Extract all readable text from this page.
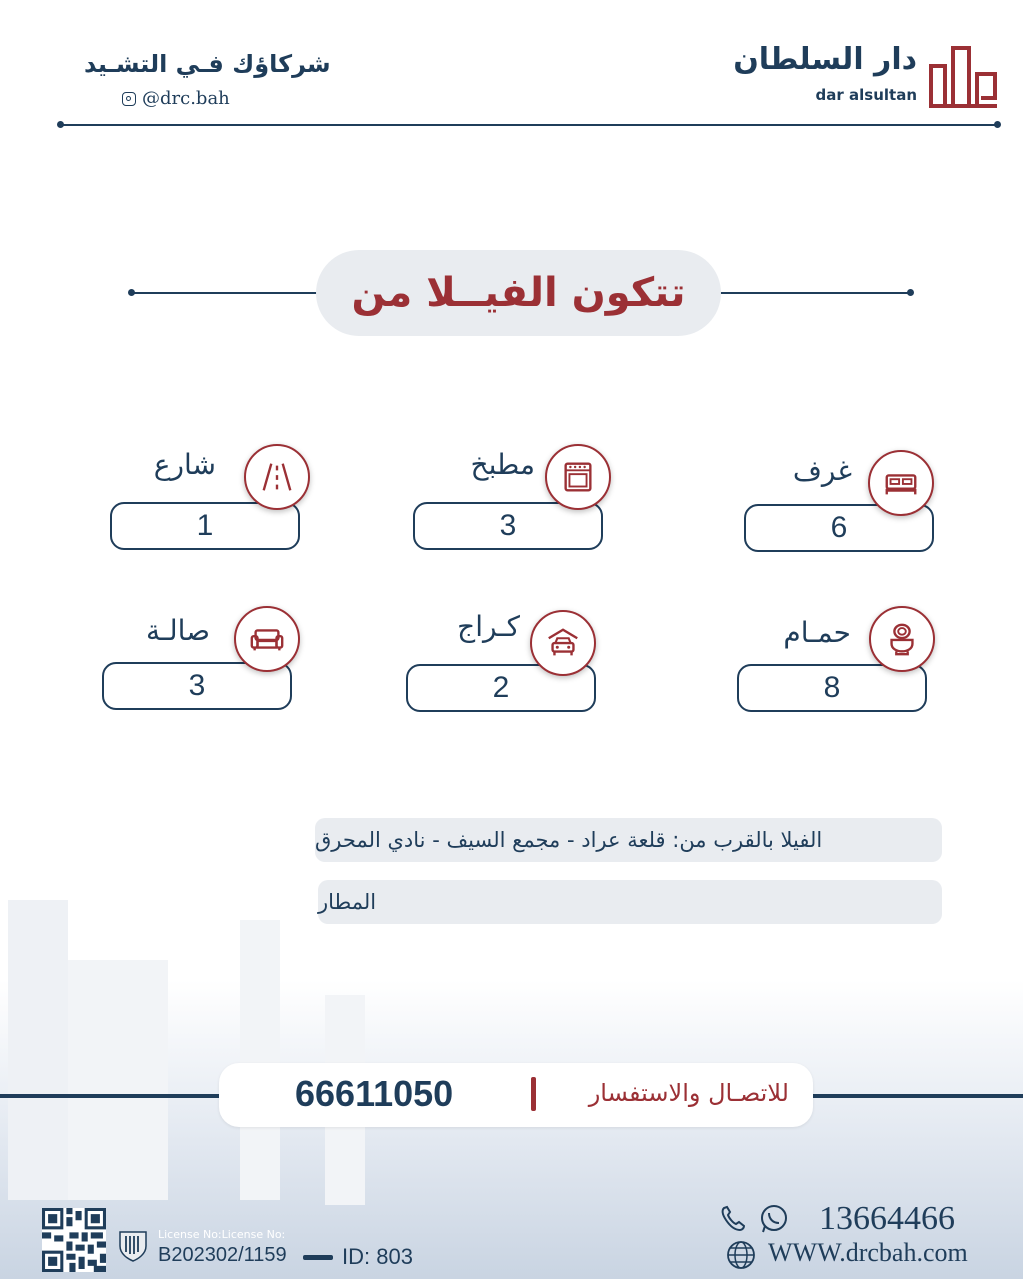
دار السلطان
dar alsultan
شركاؤك فـي التشـيد
@drc.bah
تتكون الفيــلا من
6
غرف
3
مطبخ
1
شارع
8
حمـام
2
كـراج
3
صالـة
الفيلا بالقرب من: قلعة عراد - مجمع السيف - نادي المحرق
المطار
للاتصـال والاستفسار
66611050
License No:License No:
B202302/1159	ID: 803
13664466
WWW.drcbah.com
